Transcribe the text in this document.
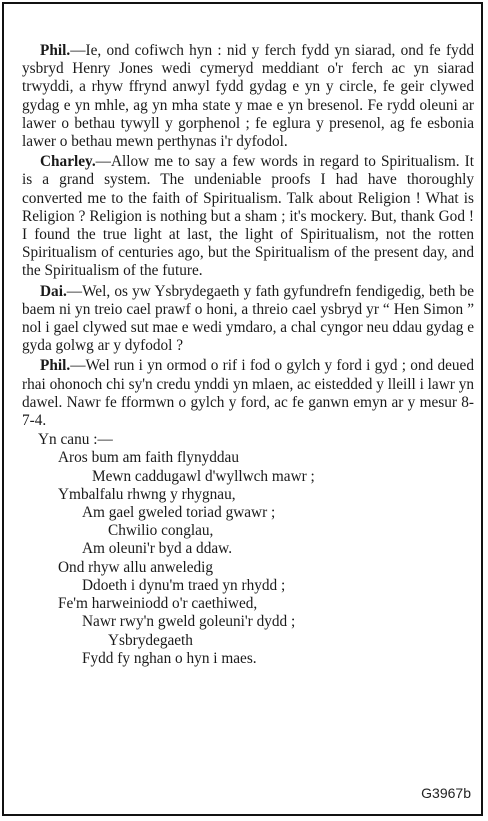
Phil.—Ie, ond cofiwch hyn : nid y ferch fydd yn siarad, ond fe fydd ysbryd Henry Jones wedi cymeryd meddiant o'r ferch ac yn siarad trwyddi, a rhyw ffrynd anwyl fydd gydag e yn y circle, fe geir clywed gydag e yn mhle, ag yn mha state y mae e yn bresenol. Fe rydd oleuni ar lawer o bethau tywyll y gorphenol ; fe eglura y presenol, ag fe esbonia lawer o bethau mewn perthynas i'r dyfodol.

Charley.—Allow me to say a few words in regard to Spiritualism. It is a grand system. The undeniable proofs I had have thoroughly converted me to the faith of Spiritualism. Talk about Religion ! What is Religion ? Religion is nothing but a sham ; it's mockery. But, thank God ! I found the true light at last, the light of Spiritualism, not the rotten Spiritualism of centuries ago, but the Spiritualism of the present day, and the Spiritualism of the future.

Dai.—Wel, os yw Ysbrydegaeth y fath gyfundrefn fendigedig, beth be baem ni yn treio cael prawf o honi, a threio cael ysbryd yr “ Hen Simon ” nol i gael clywed sut mae e wedi ymdaro, a chal cyngor neu ddau gydag e gyda golwg ar y dyfodol ?

Phil.—Wel run i yn ormod o rif i fod o gylch y ford i gyd ; ond deued rhai ohonoch chi sy'n credu ynddi yn mlaen, ac eistedded y lleill i lawr yn dawel. Nawr fe fformwn o gylch y ford, ac fe ganwn emyn ar y mesur 8-7-4.

Yn canu :—

Aros bum am faith flynyddau
Mewn caddugawl d'wyllwch mawr ;
Ymbalfalu rhwng y rhygnau,
Am gael gweled toriad gwawr ;
Chwilio conglau,
Am oleuni'r byd a ddaw.
Ond rhyw allu anweledig
Ddoeth i dynu'm traed yn rhydd ;
Fe'm harweiniodd o'r caethiwed,
Nawr rwy'n gweld goleuni'r dydd ;
Ysbrydegaeth
Fydd fy nghan o hyn i maes.
G3967b
